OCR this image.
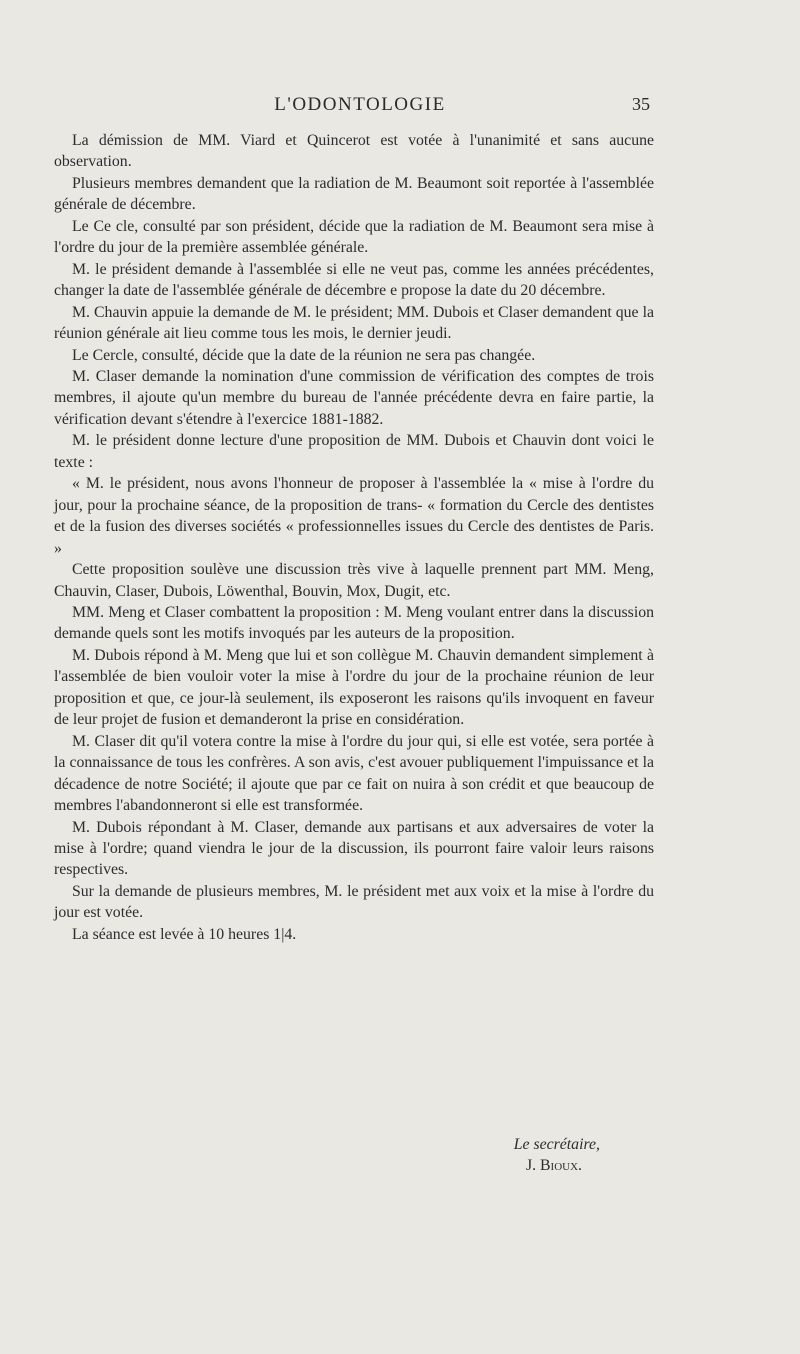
L'ODONTOLOGIE	35

La démission de MM. Viard et Quincerot est votée à l'unanimité et sans aucune observation.

Plusieurs membres demandent que la radiation de M. Beaumont soit reportée à l'assemblée générale de décembre.

Le Ce cle, consulté par son président, décide que la radiation de M. Beaumont sera mise à l'ordre du jour de la première assemblée générale.

M. le président demande à l'assemblée si elle ne veut pas, comme les années précédentes, changer la date de l'assemblée générale de décembre e propose la date du 20 décembre.

M. Chauvin appuie la demande de M. le président; MM. Dubois et Claser demandent que la réunion générale ait lieu comme tous les mois, le dernier jeudi.

Le Cercle, consulté, décide que la date de la réunion ne sera pas changée.

M. Claser demande la nomination d'une commission de vérification des comptes de trois membres, il ajoute qu'un membre du bureau de l'année précédente devra en faire partie, la vérification devant s'étendre à l'exercice 1881-1882.

M. le président donne lecture d'une proposition de MM. Dubois et Chauvin dont voici le texte :

« M. le président, nous avons l'honneur de proposer à l'assemblée la « mise à l'ordre du jour, pour la prochaine séance, de la proposition de trans- « formation du Cercle des dentistes et de la fusion des diverses sociétés « professionnelles issues du Cercle des dentistes de Paris. »

Cette proposition soulève une discussion très vive à laquelle prennent part MM. Meng, Chauvin, Claser, Dubois, Löwenthal, Bouvin, Mox, Dugit, etc.

MM. Meng et Claser combattent la proposition : M. Meng voulant entrer dans la discussion demande quels sont les motifs invoqués par les auteurs de la proposition.

M. Dubois répond à M. Meng que lui et son collègue M. Chauvin demandent simplement à l'assemblée de bien vouloir voter la mise à l'ordre du jour de la prochaine réunion de leur proposition et que, ce jour-là seulement, ils exposeront les raisons qu'ils invoquent en faveur de leur projet de fusion et demanderont la prise en considération.

M. Claser dit qu'il votera contre la mise à l'ordre du jour qui, si elle est votée, sera portée à la connaissance de tous les confrères. A son avis, c'est avouer publiquement l'impuissance et la décadence de notre Société; il ajoute que par ce fait on nuira à son crédit et que beaucoup de membres l'abandonneront si elle est transformée.

M. Dubois répondant à M. Claser, demande aux partisans et aux adversaires de voter la mise à l'ordre; quand viendra le jour de la discussion, ils pourront faire valoir leurs raisons respectives.

Sur la demande de plusieurs membres, M. le président met aux voix et la mise à l'ordre du jour est votée.

La séance est levée à 10 heures 1|4.

Le secrétaire,
J. Bioux.
